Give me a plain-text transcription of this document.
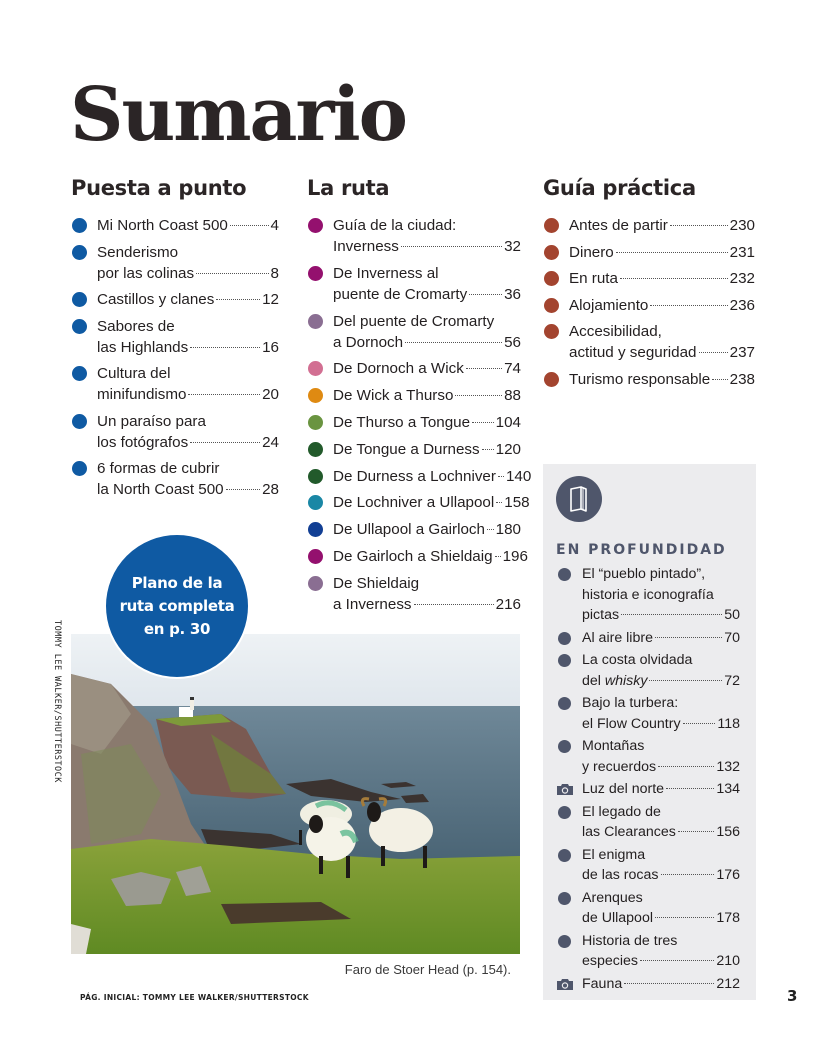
Sumario
Puesta a punto
Mi North Coast 500	4
Senderismo
por las colinas	8
Castillos y clanes	12
Sabores de
las Highlands	16
Cultura del
minifundismo	20
Un paraíso para
los fotógrafos	24
6 formas de cubrir
la North Coast 500	28
La ruta
Guía de la ciudad:
Inverness	32
De Inverness al
puente de Cromarty 36
Del puente de Cromarty
a Dornoch	56
De Dornoch a Wick	74
De Wick a Thurso	88
De Thurso a Tongue 104
De Tongue a Durness 120
De Durness a Lochniver 140
De Lochniver a Ullapool 158
De Ullapool a Gairloch 180
De Gairloch a Shieldaig 196
De Shieldaig
a Inverness	216
Guía práctica
Antes de partir	230
Dinero	231
En ruta	232
Alojamiento	236
Accesibilidad,
actitud y seguridad 237
Turismo responsable 238
EN PROFUNDIDAD
El “pueblo pintado”,
historia e iconografía
pictas	50
Al aire libre	70
La costa olvidada
del whisky	72
Bajo la turbera:
el Flow Country	118
Montañas
y recuerdos	132
Luz del norte	134
El legado de
las Clearances	156
El enigma
de las rocas	176
Arenques
de Ullapool	178
Historia de tres
especies	210
Fauna	212
TOMMY LEE WALKER/SHUTTERSTOCK
Plano de la
ruta completa
en p. 30
Faro de Stoer Head (p. 154).
PÁG. INICIAL: TOMMY LEE WALKER/SHUTTERSTOCK	3
